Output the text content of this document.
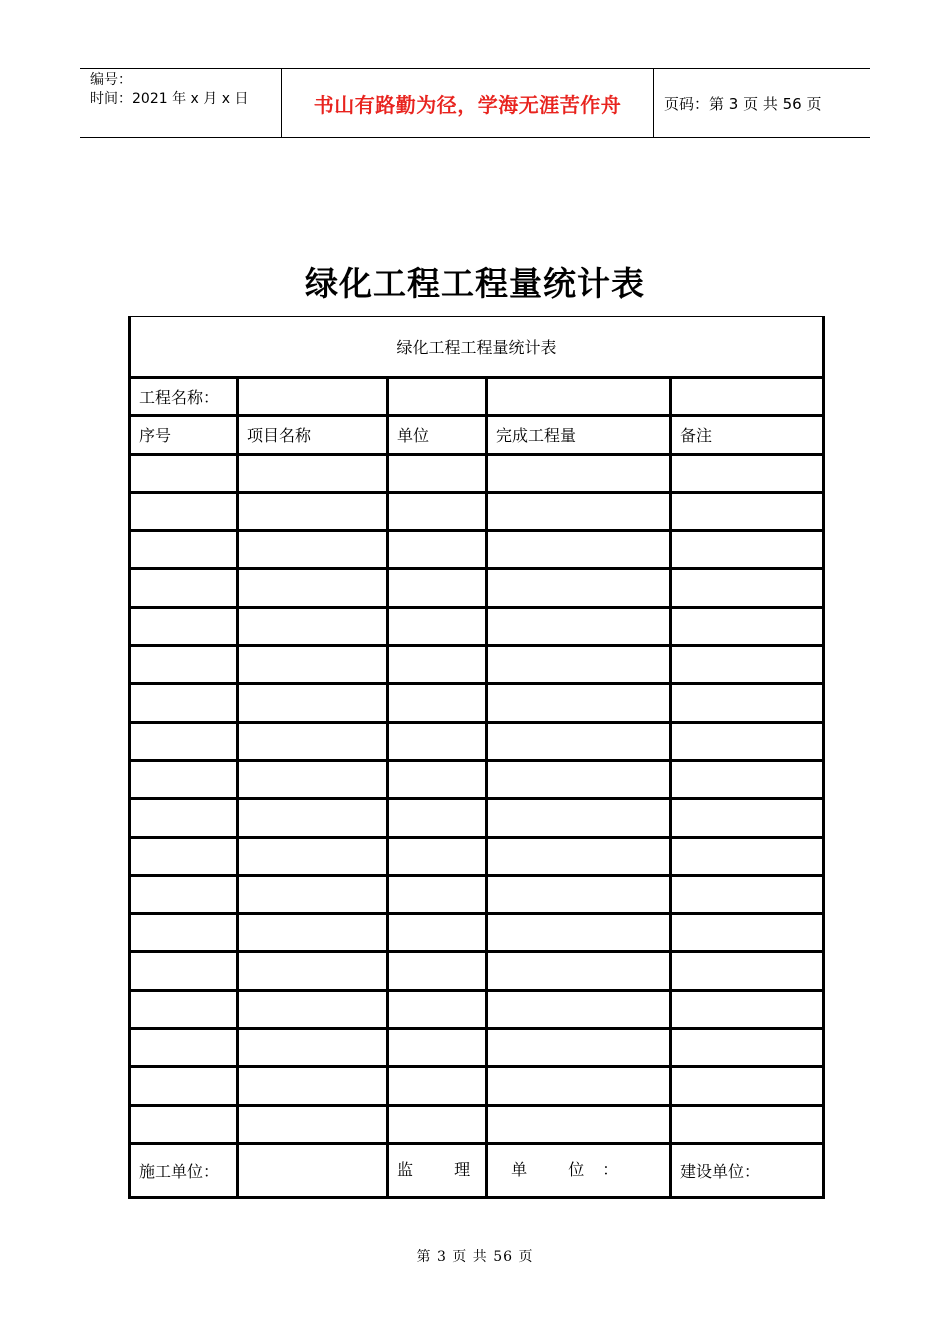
编号：
时间：2021 年 x 月 x 日	书山有路勤为径，学海无涯苦作舟	页码：第 3 页 共 56 页
绿化工程工程量统计表
绿化工程工程量统计表				
工程名称：				
序号	项目名称	单位	完成工程量	备注

施工单位：		监 理 单 位：		建设单位：
第 3 页 共 56 页
